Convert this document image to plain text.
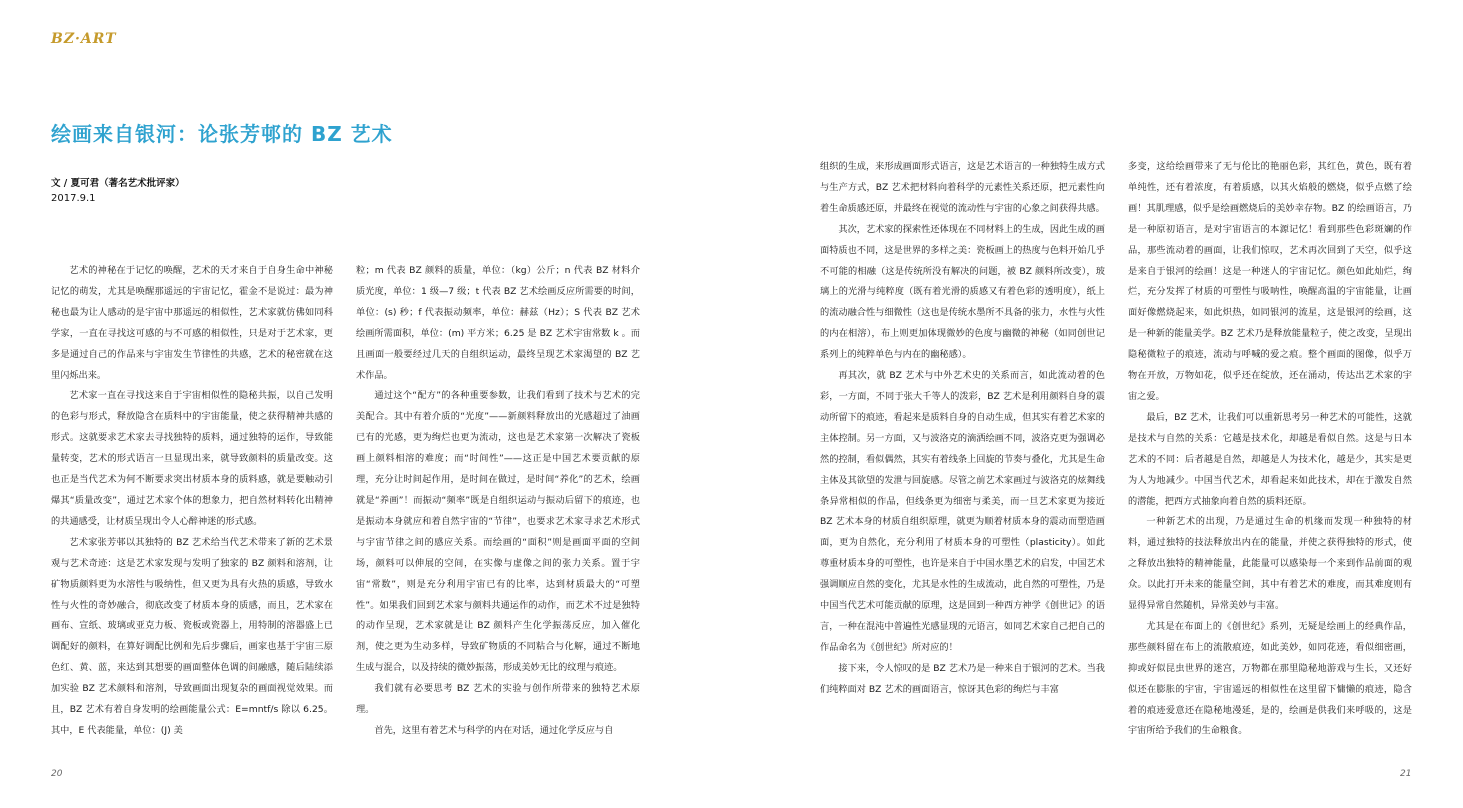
BZ·ART
绘画来自银河：论张芳邨的 BZ 艺术
文 / 夏可君（著名艺术批评家）
2017.9.1

艺术的神秘在于记忆的唤醒，艺术的天才来自于自身生命中神秘记忆的萌发，尤其是唤醒那遥远的宇宙记忆，霍金不是说过：最为神秘也最为让人感动的是宇宙中那遥远的相似性，艺术家就仿佛如同科学家，一直在寻找这可感的与不可感的相似性，只是对于艺术家，更多是通过自己的作品来与宇宙发生节律性的共感，艺术的秘密就在这里闪烁出来。

艺术家一直在寻找这来自于宇宙相似性的隐秘共振，以自己发明的色彩与形式，释放隐含在质料中的宇宙能量，使之获得精神共感的形式。这就要求艺术家去寻找独特的质料，通过独特的运作，导致能量转变，艺术的形式语言一旦显现出来，就导致颜料的质量改变。这也正是当代艺术为何不断要求突出材质本身的质料感，就是要触动引爆其“质量改变”，通过艺术家个体的想象力，把自然材料转化出精神的共通感受，让材质呈现出令人心醉神迷的形式感。

艺术家张芳邨以其独特的 BZ 艺术给当代艺术带来了新的艺术景观与艺术奇迹：这是艺术家发现与发明了独家的 BZ 颜料和溶剂，让矿物质颜料更为水溶性与吸纳性，但又更为具有火热的质感，导致水性与火性的奇妙融合，彻底改变了材质本身的质感，而且，艺术家在画布、宣纸、玻璃或亚克力板、瓷板或瓷器上，用特制的溶器盛上已调配好的颜料，在算好调配比例和先后步骤后，画家也基于宇宙三原色红、黄、蓝，来达到其想要的画面整体色调的间融感，随后陆续添加实验 BZ 艺术颜料和溶剂，导致画面出现复杂的画面视觉效果。而且，BZ 艺术有着自身发明的绘画能量公式：E=mntf/s 除以 6.25。其中，E 代表能量，单位：(J) 美

粒；m 代表 BZ 颜料的质量，单位：（kg）公斤；n 代表 BZ 材料介质光度，单位：1 级—7 级；t 代表 BZ 艺术绘画反应所需要的时间，单位：(s) 秒；f 代表振动频率，单位：赫兹（Hz）；S 代表 BZ 艺术绘画所需面积，单位：(m) 平方米；6.25 是 BZ 艺术宇宙常数 k 。而且画面一般要经过几天的自组织运动，最终呈现艺术家渴望的 BZ 艺术作品。

通过这个“配方”的各种重要参数，让我们看到了技术与艺术的完美配合。其中有着介质的“光度”——新颜料释放出的光感超过了油画已有的光感，更为绚烂也更为流动，这也是艺术家第一次解决了瓷板画上颜料相溶的难度；而“时间性”——这正是中国艺术要贡献的原理，充分让时间起作用，是时间在做过，是时间“养化”的艺术，绘画就是“养画”！而振动“频率”既是自组织运动与振动后留下的痕迹，也是振动本身就应和着自然宇宙的“节律”，也要求艺术家寻求艺术形式与宇宙节律之间的感应关系。而绘画的“面积”则是画面平面的空间场，颜料可以伸展的空间，在实像与虚像之间的张力关系。置于宇宙“常数”，则是充分利用宇宙已有的比率，达到材质最大的“可塑性”。如果我们回到艺术家与颜料共通运作的动作，而艺术不过是独特的动作呈现，艺术家就是让 BZ 颜料产生化学振荡反应，加入催化剂，使之更为生动多样，导致矿物质的不同粘合与化解，通过不断地生成与混合，以及持续的微妙振荡，形成美妙无比的纹理与痕迹。

我们就有必要思考 BZ 艺术的实验与创作所带来的独特艺术原理。

首先，这里有着艺术与科学的内在对话，通过化学反应与自

组织的生成，来形成画面形式语言，这是艺术语言的一种独特生成方式与生产方式，BZ 艺术把材料向着科学的元素性关系还原，把元素性向着生命质感还原，并最终在视觉的流动性与宇宙的心象之间获得共感。

其次，艺术家的探索性还体现在不同材料上的生成，因此生成的画面特质也不同，这是世界的多样之美：瓷板画上的热度与色料开始几乎不可能的相融（这是传统所没有解决的问题，被 BZ 颜料所改变），玻璃上的光滑与纯粹度（既有着光滑的质感又有着色彩的透明度），纸上的流动融合性与细微性（这也是传统水墨所不具备的张力，水性与火性的内在相溶），布上则更加体现微妙的色度与幽微的神秘（如同创世记系列上的纯粹单色与内在的幽秘感）。

再其次，就 BZ 艺术与中外艺术史的关系而言，如此流动着的色彩，一方面，不同于张大千等人的泼彩，BZ 艺术是利用颜料自身的震动所留下的痕迹，看起来是质料自身的自动生成，但其实有着艺术家的主体控制。另一方面，又与波洛克的滴洒绘画不同，波洛克更为强调必然的控制，看似偶然，其实有着线条上回旋的节奏与叠化，尤其是生命主体及其欲望的发泄与回旋感。尽管之前艺术家画过与波洛克的炫舞线条异常相似的作品，但线条更为细密与柔美，而一旦艺术家更为接近 BZ 艺术本身的材质自组织原理，就更为顺着材质本身的震动而塑造画面，更为自然化，充分利用了材质本身的可塑性（plasticity）。如此尊重材质本身的可塑性，也许是来自于中国水墨艺术的启发，中国艺术强调顺应自然的变化，尤其是水性的生成流动，此自然的可塑性，乃是中国当代艺术可能贡献的原理，这是回到一种西方神学《创世记》的语言，一种在混沌中普遍性光感显现的元语言，如同艺术家自己把自己的作品命名为《创世纪》所对应的！

接下来，令人惊叹的是 BZ 艺术乃是一种来自于银河的艺术。当我们纯粹面对 BZ 艺术的画面语言，惊讶其色彩的绚烂与丰富

多变，这给绘画带来了无与伦比的艳丽色彩，其红色，黄色，既有着单纯性，还有着浓度，有着质感，以其火焰般的燃烧，似乎点燃了绘画！其肌理感，似乎是绘画燃烧后的美妙幸存物。BZ 的绘画语言，乃是一种原初语言，是对宇宙语言的本源记忆！看到那些色彩斑斓的作品，那些流动着的画面，让我们惊叹，艺术再次回到了天空，似乎这是来自于银河的绘画！这是一种迷人的宇宙记忆。颜色如此灿烂，绚烂，充分发挥了材质的可塑性与吸呐性，唤醒高温的宇宙能量，让画面好像燃烧起来，如此炽热，如同银河的流星，这是银河的绘画，这是一种新的能量美学。BZ 艺术乃是释放能量粒子，使之改变，呈现出隐秘微粒子的痕迹，流动与呼喊的爱之痕。整个画面的图像，似乎万物在开放，万物如花，似乎还在绽放，还在涌动，传达出艺术家的宇宙之爱。

最后，BZ 艺术，让我们可以重新思考另一种艺术的可能性，这就是技术与自然的关系：它越是技术化，却越是看似自然。这是与日本艺术的不同：后者越是自然，却越是人为技术化，越是少，其实是更为人为地减少。中国当代艺术，却看起来如此技术，却在于激发自然的潜能，把西方式抽象向着自然的质料还原。

一种新艺术的出现，乃是通过生命的机缘而发现一种独特的材料，通过独特的技法释放出内在的能量，并使之获得独特的形式，使之释放出独特的精神能量，此能量可以感染每一个来到作品前面的观众。以此打开未来的能量空间，其中有着艺术的难度，而其难度则有显得异常自然随机，异常美妙与丰富。

尤其是在布面上的《创世纪》系列，无疑是绘画上的经典作品，那些颜料留在布上的流散痕迹，如此美妙，如同花迹，看似细密画，抑或好似昆虫世界的迷宫，万物都在那里隐秘地游戏与生长，又还好似还在膨胀的宇宙，宇宙遥远的相似性在这里留下慵懒的痕迹，隐含着的痕迹爱意还在隐秘地漫延，是的，绘画是供我们来呼吸的，这是宇宙所给予我们的生命粮食。

20	21
